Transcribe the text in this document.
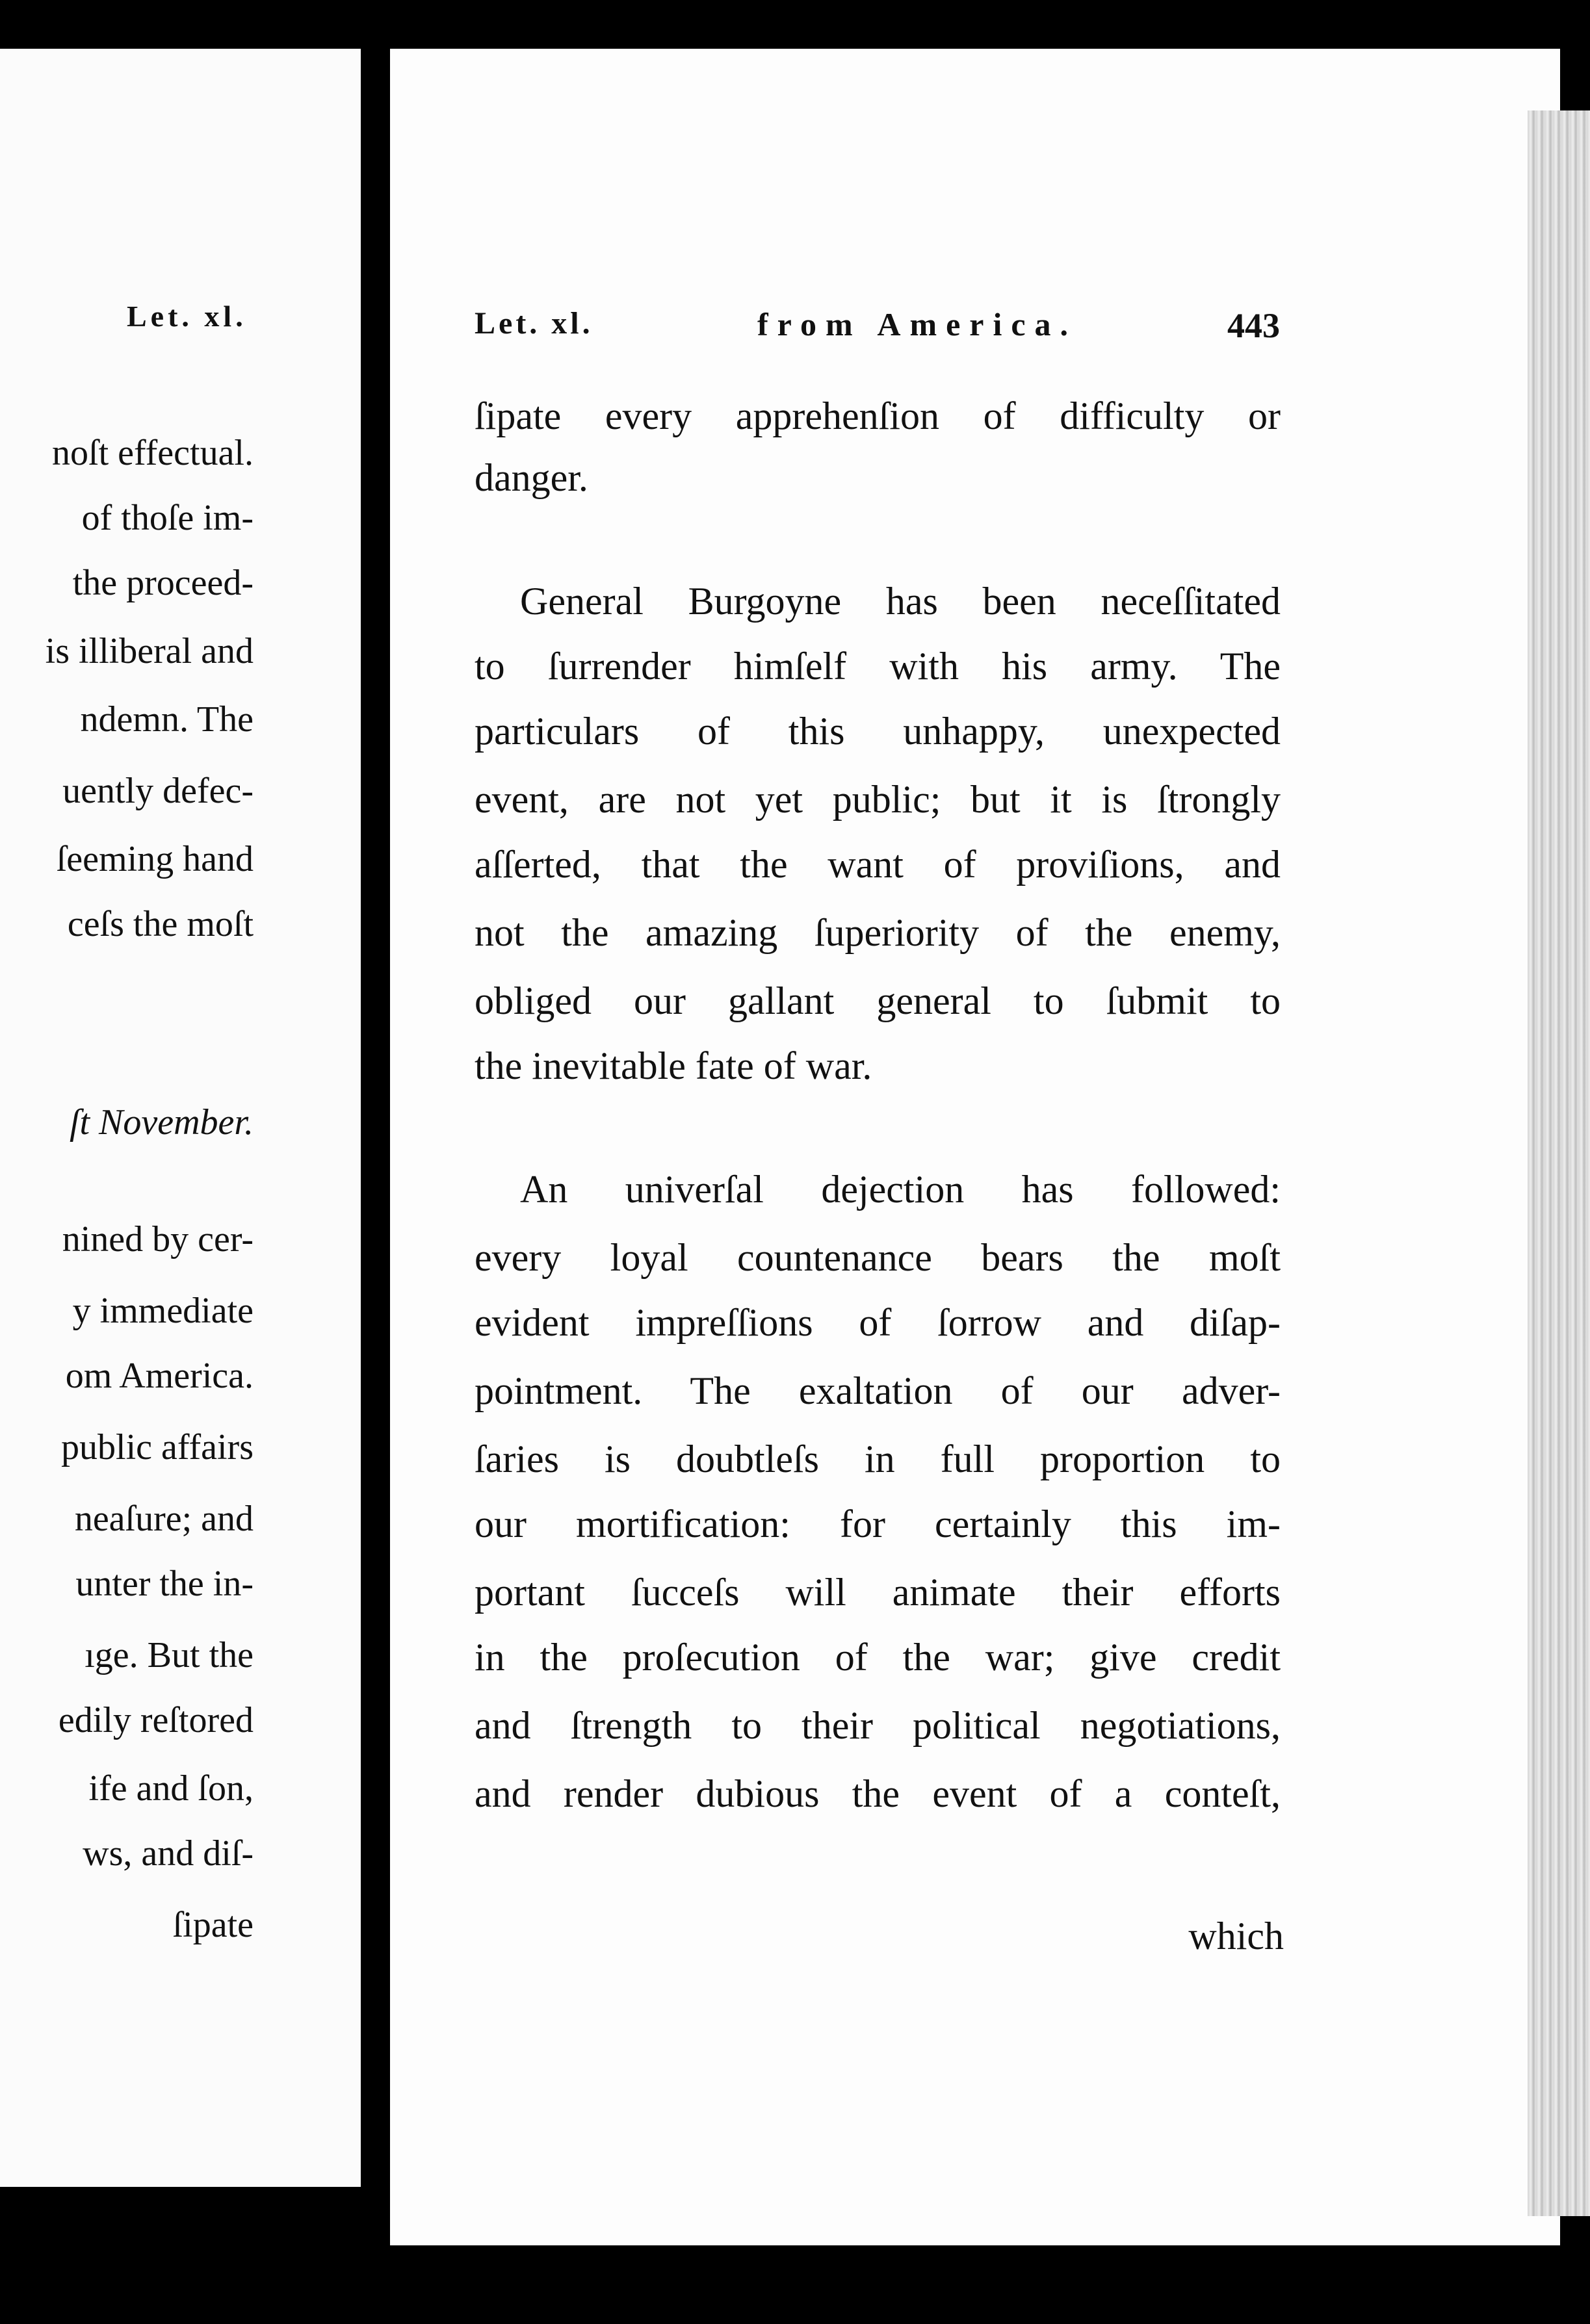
Let. xl.
noſt effectual.
of thoſe im-
the proceed-
is illiberal and
ndemn. The
uently defec-
ſeeming hand
ceſs the moſt
ſt November.
nined by cer-
y immediate
om America.
public affairs
neaſure; and
unter the in-
ıge. But the
edily reſtored
ife and ſon,
ws, and diſ-
ſipate
Let. xl.	from America.	443
ſipate every apprehenſion of difficulty or
danger.
General Burgoyne has been neceſſitated
to ſurrender himſelf with his army. The
particulars of this unhappy, unexpected
event, are not yet public; but it is ſtrongly
aſſerted, that the want of proviſions, and
not the amazing ſuperiority of the enemy,
obliged our gallant general to ſubmit to
the inevitable fate of war.
An univerſal dejection has followed:
every loyal countenance bears the moſt
evident impreſſions of ſorrow and diſap-
pointment. The exaltation of our adver-
ſaries is doubtleſs in full proportion to
our mortification: for certainly this im-
portant ſucceſs will animate their efforts
in the proſecution of the war; give credit
and ſtrength to their political negotiations,
and render dubious the event of a conteſt,
which
